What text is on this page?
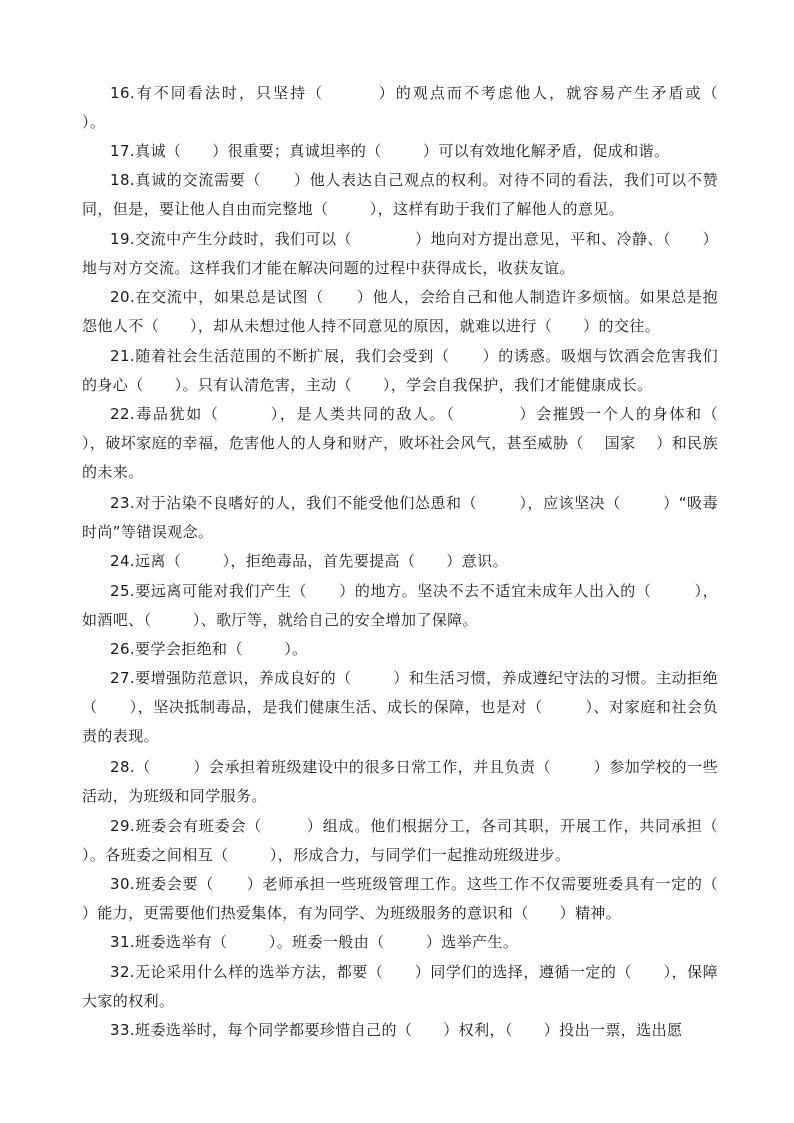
16.有不同看法时，只坚持（        ）的观点而不考虑他人，就容易产生矛盾或（        ）。

17.真诚（      ）很重要；真诚坦率的（        ）可以有效地化解矛盾，促成和谐。

18.真诚的交流需要（      ）他人表达自己观点的权利。对待不同的看法，我们可以不赞同，但是，要让他人自由而完整地（        ），这样有助于我们了解他人的意见。

19.交流中产生分歧时，我们可以（            ）地向对方提出意见，平和、冷静、（      ）地与对方交流。这样我们才能在解决问题的过程中获得成长，收获友谊。

20.在交流中，如果总是试图（      ）他人，会给自己和他人制造许多烦恼。如果总是抱怨他人不（      ），却从未想过他人持不同意见的原因，就难以进行（      ）的交往。

21.随着社会生活范围的不断扩展，我们会受到（      ）的诱惑。吸烟与饮酒会危害我们的身心（      ）。只有认清危害，主动（      ），学会自我保护，我们才能健康成长。

22.毒品犹如（        ），是人类共同的敌人。（          ）会摧毁一个人的身体和（          ），破坏家庭的幸福，危害他人的人身和财产，败坏社会风气，甚至威胁（    国家    ）和民族的未来。

23.对于沾染不良嗜好的人，我们不能受他们怂恿和（        ），应该坚决（        ）“吸毒时尚”等错误观念。

24.远离（        ），拒绝毒品，首先要提高（      ）意识。

25.要远离可能对我们产生（      ）的地方。坚决不去不适宜未成年人出入的（        ），如酒吧、（        ）、歌厅等，就给自己的安全增加了保障。

26.要学会拒绝和（        ）。

27.要增强防范意识，养成良好的（        ）和生活习惯，养成遵纪守法的习惯。主动拒绝（      ），坚决抵制毒品，是我们健康生活、成长的保障，也是对（        ）、对家庭和社会负责的表现。

28.（        ）会承担着班级建设中的很多日常工作，并且负责（        ）参加学校的一些活动，为班级和同学服务。

29.班委会有班委会（        ）组成。他们根据分工，各司其职，开展工作，共同承担（      ）。各班委之间相互（        ），形成合力，与同学们一起推动班级进步。

30.班委会要（      ）老师承担一些班级管理工作。这些工作不仅需要班委具有一定的（      ）能力，更需要他们热爱集体，有为同学、为班级服务的意识和（      ）精神。

31.班委选举有（        ）。班委一般由（        ）选举产生。

32.无论采用什么样的选举方法，都要（      ）同学们的选择，遵循一定的（      ），保障大家的权利。

33.班委选举时，每个同学都要珍惜自己的（      ）权利，（      ）投出一票，选出愿
